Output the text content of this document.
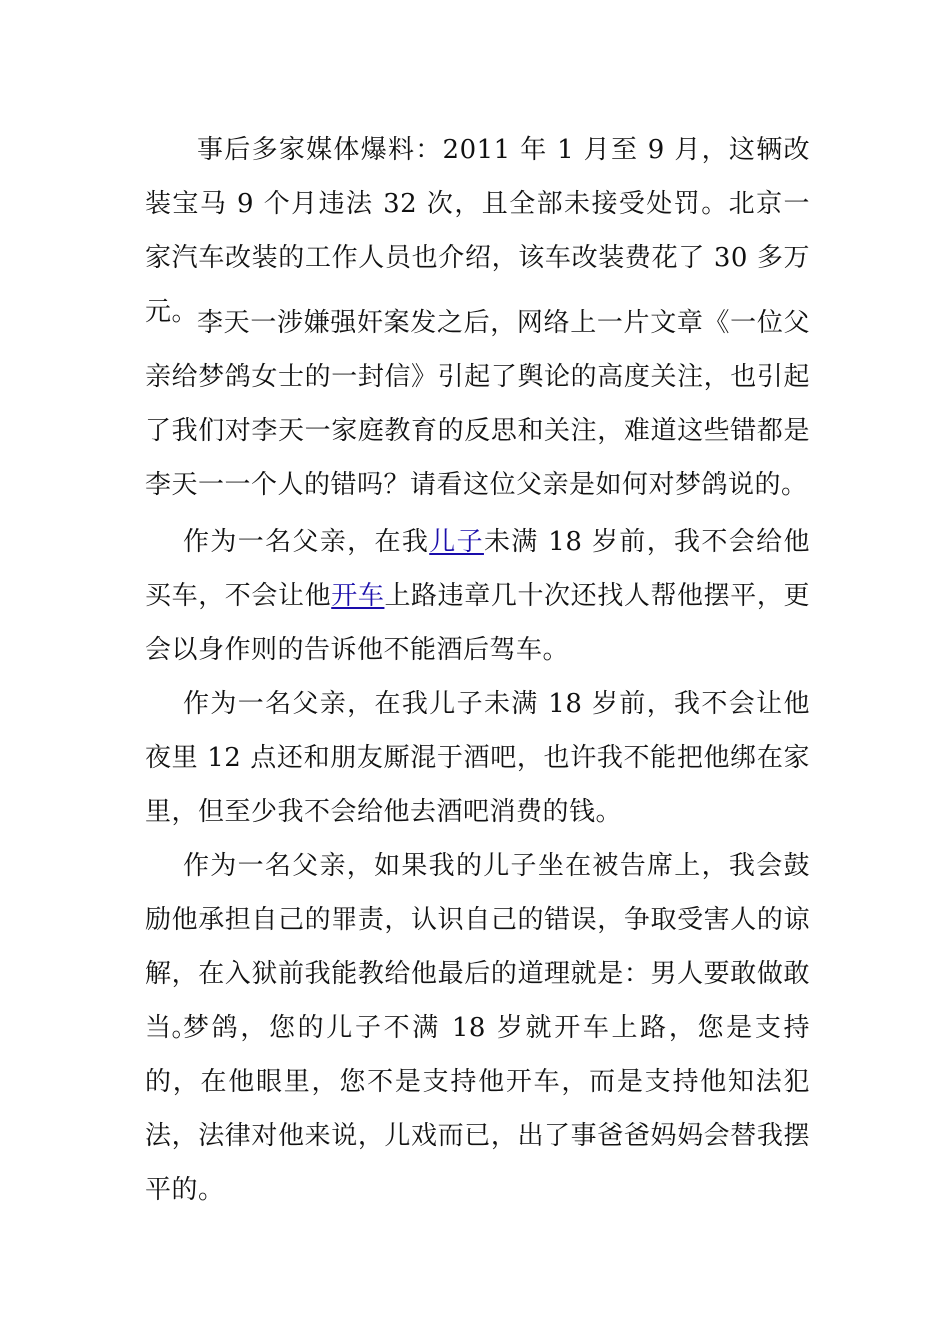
事后多家媒体爆料：2011 年 1 月至 9 月，这辆改装宝马 9 个月违法 32 次，且全部未接受处罚。北京一家汽车改装的工作人员也介绍，该车改装费花了 30 多万元。

李天一涉嫌强奸案发之后，网络上一片文章《一位父亲给梦鸽女士的一封信》引起了舆论的高度关注，也引起了我们对李天一家庭教育的反思和关注，难道这些错都是李天一一个人的错吗？请看这位父亲是如何对梦鸽说的。

作为一名父亲，在我儿子未满 18 岁前，我不会给他买车，不会让他开车上路违章几十次还找人帮他摆平，更会以身作则的告诉他不能酒后驾车。

作为一名父亲，在我儿子未满 18 岁前，我不会让他夜里 12 点还和朋友厮混于酒吧，也许我不能把他绑在家里，但至少我不会给他去酒吧消费的钱。

作为一名父亲，如果我的儿子坐在被告席上，我会鼓励他承担自己的罪责，认识自己的错误，争取受害人的谅解，在入狱前我能教给他最后的道理就是：男人要敢做敢当。

梦鸽，您的儿子不满 18 岁就开车上路，您是支持的，在他眼里，您不是支持他开车，而是支持他知法犯法，法律对他来说，儿戏而已，出了事爸爸妈妈会替我摆平的。
